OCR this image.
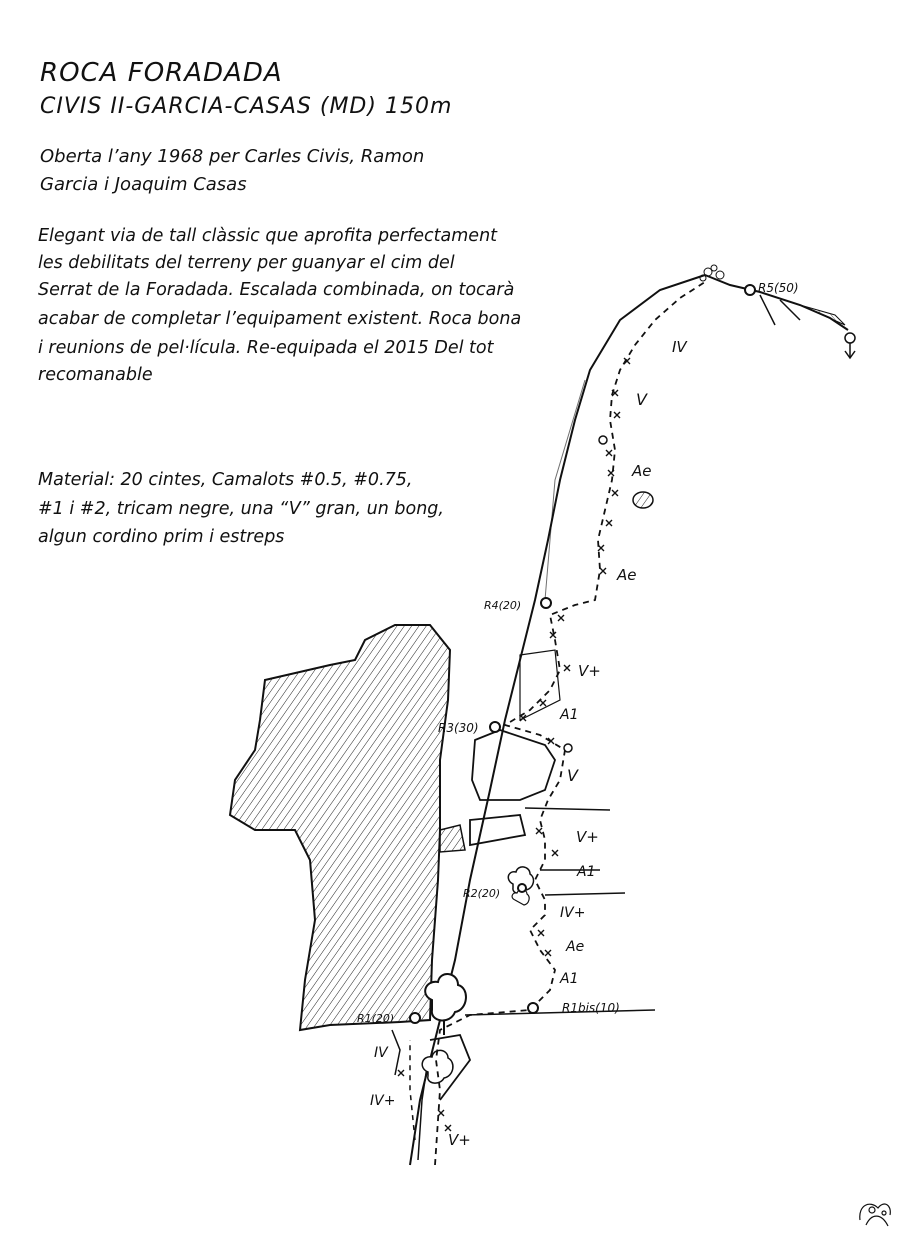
ROCA FORADADA
CIVIS II-GARCIA-CASAS (MD) 150m
Oberta l’any 1968 per Carles Civis, Ramon
Garcia i Joaquim Casas
Elegant via de tall clàssic que aprofita perfectament
les debilitats del terreny per guanyar el cim del
Serrat de la Foradada. Escalada combinada, on tocarà
acabar de completar l’equipament existent. Roca bona
i reunions de pel·lícula. Re-equipada el 2015 Del tot
recomanable
Material: 20 cintes, Camalots #0.5, #0.75,
#1 i #2, tricam negre, una “V” gran, un bong,
algun cordino prim i estreps
R5(50)
R4(20)
R3(30)
R2(20)
R1bis(10)
R1(20)
IV
V
Ae
Ae
V+
A1
V
V+
A1
IV+
Ae
A1
IV
IV+
V+
